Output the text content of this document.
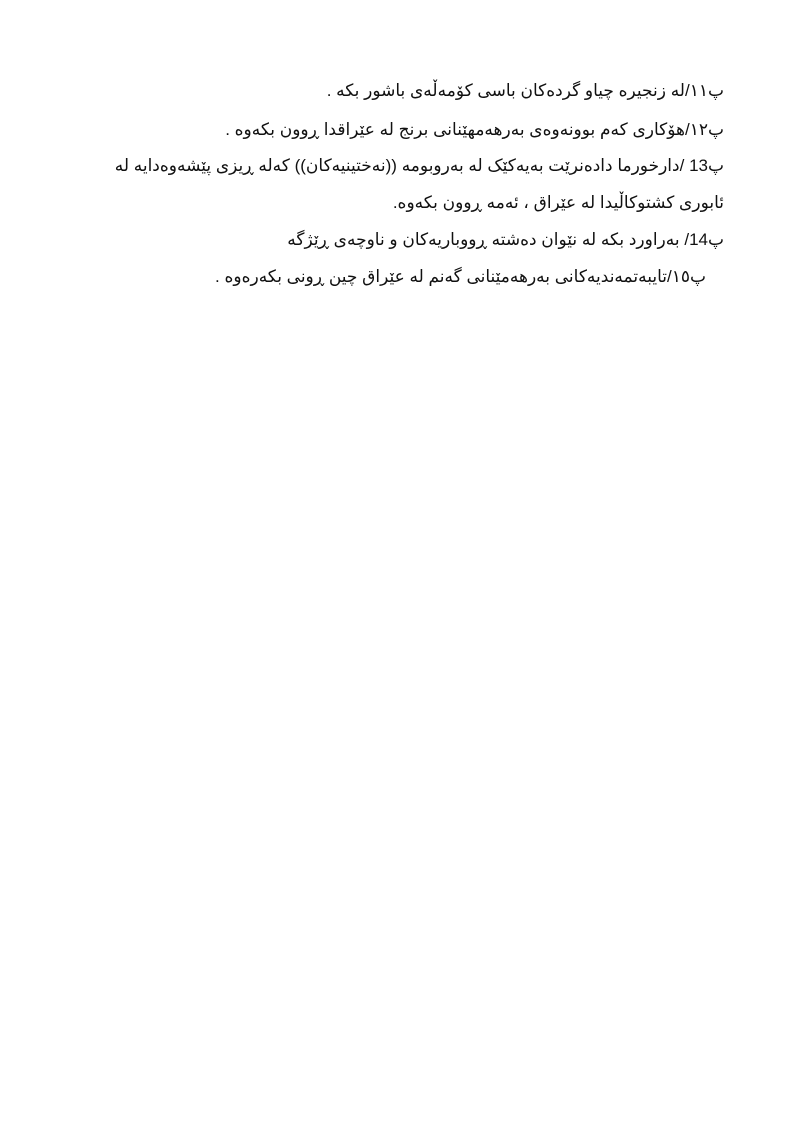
پ١١/له زنجیره چیاو گردەکان باسی کۆمەڵەی باشور بکه .
پ١٢/هۆکاری کەم بوونەوەی بەرهەمهێنانی برنج له عێراقدا ڕوون بکەوه .
پ13 /دارخورما دادەنرێت بەیەکێک له بەروبومه ((نەختینیەکان)) کەله ڕیزی پێشەوەدایه له
ئابوری کشتوکاڵیدا له عێراق ، ئەمه ڕوون بکەوه.
پ14/ بەراورد بکه له نێوان دەشته ڕووباریەکان و ناوچەی ڕێژگه
پ١٥/تایبەتمەندیەکانی بەرهەمێنانی گەنم له عێراق چین ڕونی بکەرەوه .
